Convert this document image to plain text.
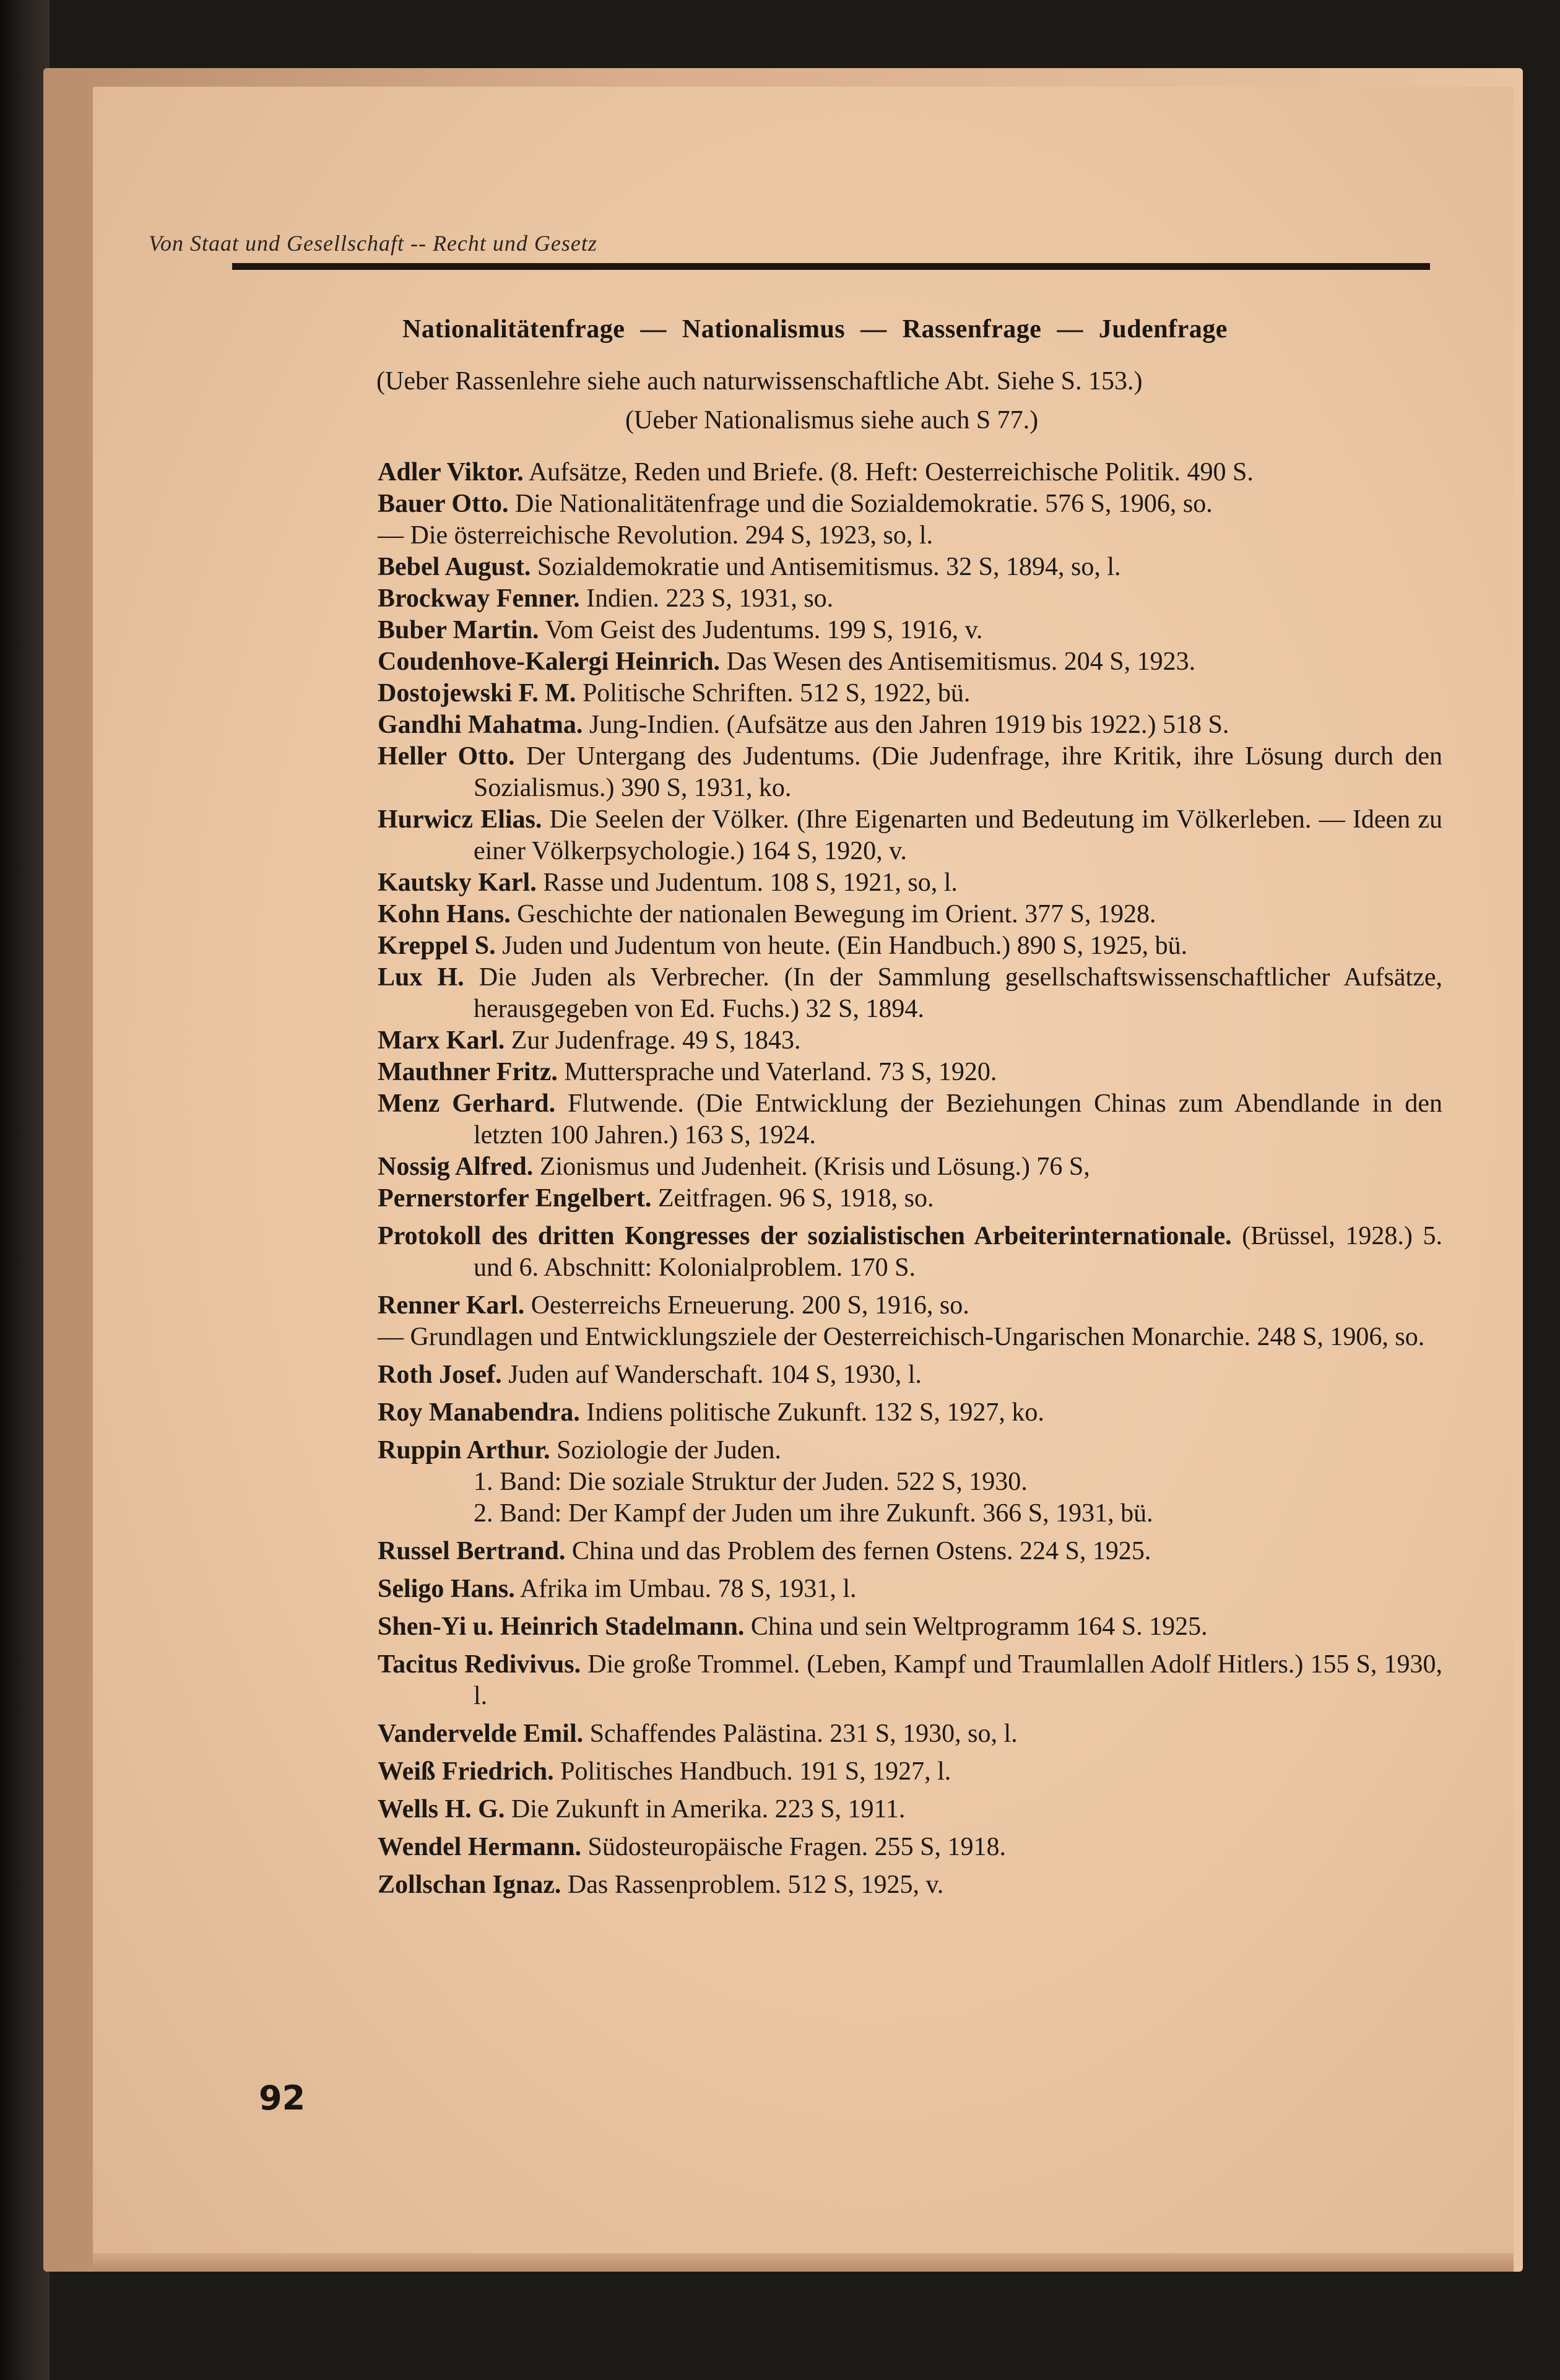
Von Staat und Gesellschaft -- Recht und Gesetz
Nationalitätenfrage — Nationalismus — Rassenfrage — Judenfrage
(Ueber Rassenlehre siehe auch naturwissenschaftliche Abt. Siehe S. 153.)
(Ueber Nationalismus siehe auch S 77.)

Adler Viktor. Aufsätze, Reden und Briefe. (8. Heft: Oesterreichische Politik. 490 S.

Bauer Otto. Die Nationalitätenfrage und die Sozialdemokratie. 576 S, 1906, so.

— Die österreichische Revolution. 294 S, 1923, so, l.

Bebel August. Sozialdemokratie und Antisemitismus. 32 S, 1894, so, l.

Brockway Fenner. Indien. 223 S, 1931, so.

Buber Martin. Vom Geist des Judentums. 199 S, 1916, v.

Coudenhove-Kalergi Heinrich. Das Wesen des Antisemitismus. 204 S, 1923.

Dostojewski F. M. Politische Schriften. 512 S, 1922, bü.

Gandhi Mahatma. Jung-Indien. (Aufsätze aus den Jahren 1919 bis 1922.) 518 S.

Heller Otto. Der Untergang des Judentums. (Die Judenfrage, ihre Kritik, ihre Lösung durch den Sozialismus.) 390 S, 1931, ko.

Hurwicz Elias. Die Seelen der Völker. (Ihre Eigenarten und Bedeutung im Völkerleben. — Ideen zu einer Völkerpsychologie.) 164 S, 1920, v.

Kautsky Karl. Rasse und Judentum. 108 S, 1921, so, l.

Kohn Hans. Geschichte der nationalen Bewegung im Orient. 377 S, 1928.

Kreppel S. Juden und Judentum von heute. (Ein Handbuch.) 890 S, 1925, bü.

Lux H. Die Juden als Verbrecher. (In der Sammlung gesellschaftswissenschaftlicher Aufsätze, herausgegeben von Ed. Fuchs.) 32 S, 1894.

Marx Karl. Zur Judenfrage. 49 S, 1843.

Mauthner Fritz. Muttersprache und Vaterland. 73 S, 1920.

Menz Gerhard. Flutwende. (Die Entwicklung der Beziehungen Chinas zum Abendlande in den letzten 100 Jahren.) 163 S, 1924.

Nossig Alfred. Zionismus und Judenheit. (Krisis und Lösung.) 76 S,

Pernerstorfer Engelbert. Zeitfragen. 96 S, 1918, so.

Protokoll des dritten Kongresses der sozialistischen Arbeiterinternationale. (Brüssel, 1928.) 5. und 6. Abschnitt: Kolonialproblem. 170 S.

Renner Karl. Oesterreichs Erneuerung. 200 S, 1916, so.

— Grundlagen und Entwicklungsziele der Oesterreichisch-Ungarischen Monarchie. 248 S, 1906, so.

Roth Josef. Juden auf Wanderschaft. 104 S, 1930, l.

Roy Manabendra. Indiens politische Zukunft. 132 S, 1927, ko.

Ruppin Arthur. Soziologie der Juden.

1. Band: Die soziale Struktur der Juden. 522 S, 1930.

2. Band: Der Kampf der Juden um ihre Zukunft. 366 S, 1931, bü.

Russel Bertrand. China und das Problem des fernen Ostens. 224 S, 1925.

Seligo Hans. Afrika im Umbau. 78 S, 1931, l.

Shen-Yi u. Heinrich Stadelmann. China und sein Weltprogramm 164 S. 1925.

Tacitus Redivivus. Die große Trommel. (Leben, Kampf und Traumlallen Adolf Hitlers.) 155 S, 1930, l.

Vandervelde Emil. Schaffendes Palästina. 231 S, 1930, so, l.

Weiß Friedrich. Politisches Handbuch. 191 S, 1927, l.

Wells H. G. Die Zukunft in Amerika. 223 S, 1911.

Wendel Hermann. Südosteuropäische Fragen. 255 S, 1918.

Zollschan Ignaz. Das Rassenproblem. 512 S, 1925, v.

92
